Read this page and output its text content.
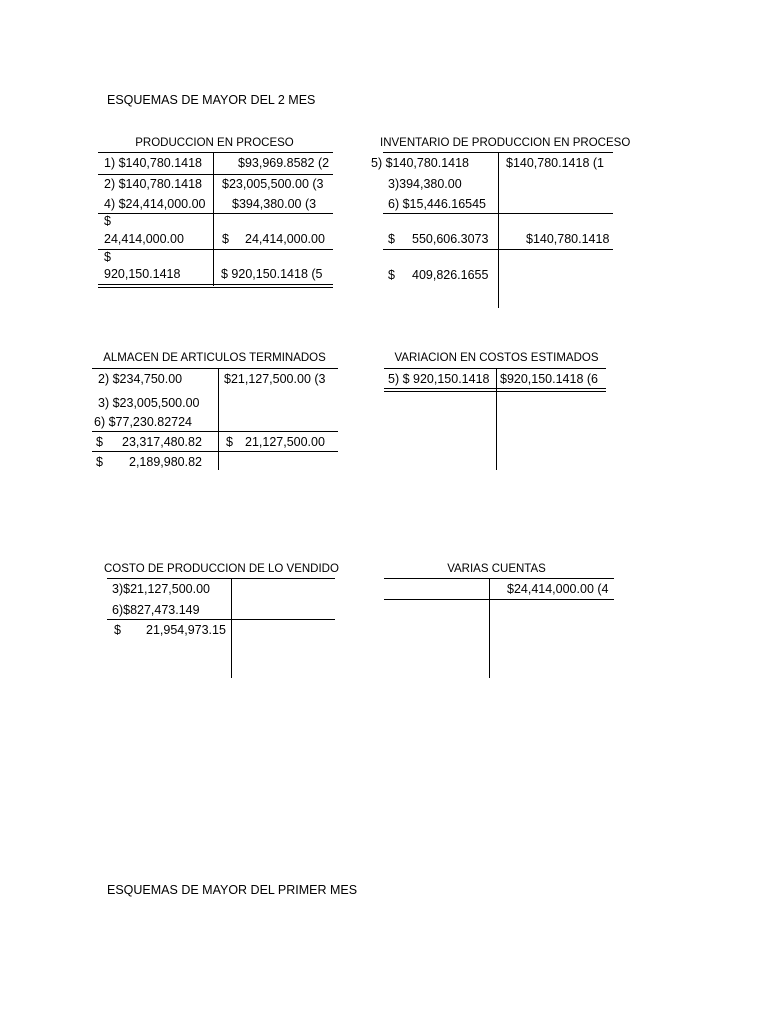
ESQUEMAS DE MAYOR DEL 2 MES
PRODUCCION EN PROCESO
1) $140,780.1418	$93,969.8582 (2
2) $140,780.1418 $23,005,500.00 (3
4) $24,414,000.00 $394,380.00 (3
$
24,414,000.00	$ 24,414,000.00
$
920,150.1418	$ 920,150.1418 (5
INVENTARIO DE PRODUCCION EN PROCESO
5) $140,780.1418	$140,780.1418 (1
3)394,380.00
6) $15,446.16545
$ 550,606.3073	$140,780.1418
$ 409,826.1655
ALMACEN DE ARTICULOS TERMINADOS
2) $234,750.00	$21,127,500.00 (3
3) $23,005,500.00
6) $77,230.82724
$ 23,317,480.82 $ 21,127,500.00
$ 2,189,980.82
VARIACION EN COSTOS ESTIMADOS
5) $ 920,150.1418 $920,150.1418 (6
COSTO DE PRODUCCION DE LO VENDIDO
3)$21,127,500.00
6)$827,473.149
$ 21,954,973.15
VARIAS CUENTAS
$24,414,000.00 (4
ESQUEMAS DE MAYOR DEL PRIMER MES
